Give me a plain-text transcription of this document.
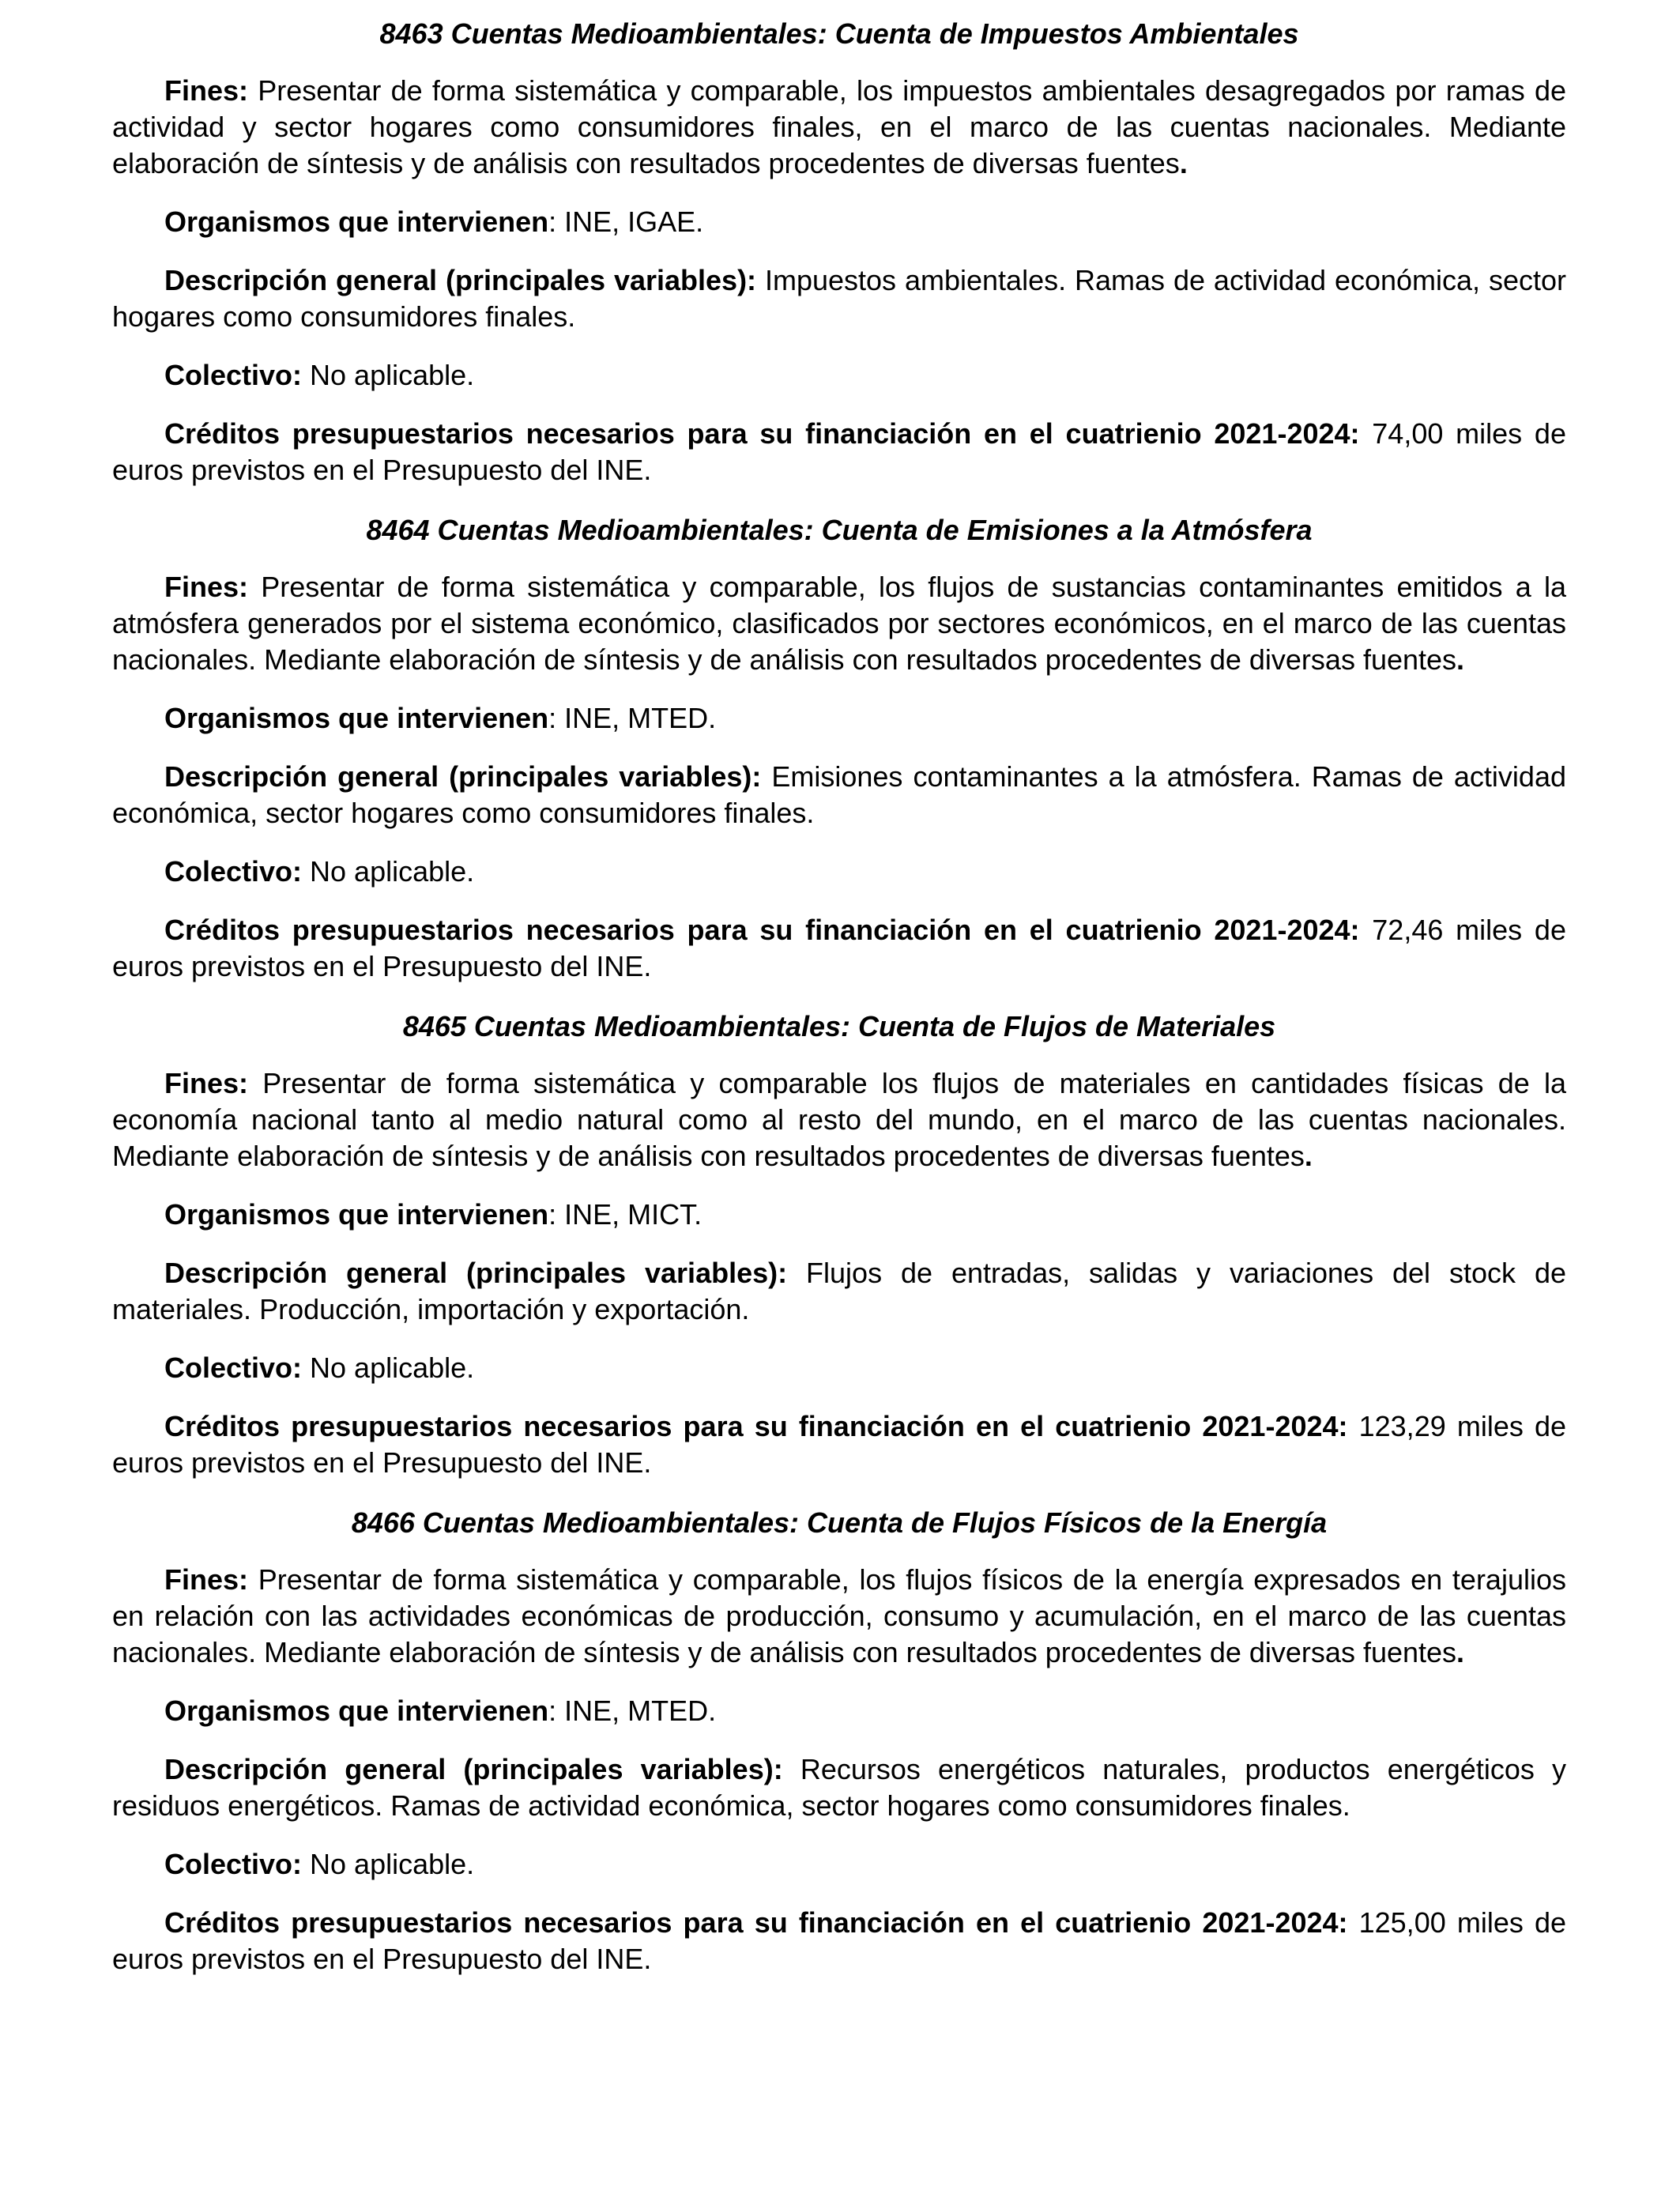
8463 Cuentas Medioambientales: Cuenta de Impuestos Ambientales

Fines: Presentar de forma sistemática y comparable, los impuestos ambientales desagregados por ramas de actividad y sector hogares como consumidores finales, en el marco de las cuentas nacionales. Mediante elaboración de síntesis y de análisis con resultados procedentes de diversas fuentes.

Organismos que intervienen: INE, IGAE.

Descripción general (principales variables): Impuestos ambientales. Ramas de actividad económica, sector hogares como consumidores finales.

Colectivo: No aplicable.

Créditos presupuestarios necesarios para su financiación en el cuatrienio 2021-2024: 74,00 miles de euros previstos en el Presupuesto del INE.

8464 Cuentas Medioambientales: Cuenta de Emisiones a la Atmósfera

Fines: Presentar de forma sistemática y comparable, los flujos de sustancias contaminantes emitidos a la atmósfera generados por el sistema económico, clasificados por sectores económicos, en el marco de las cuentas nacionales. Mediante elaboración de síntesis y de análisis con resultados procedentes de diversas fuentes.

Organismos que intervienen: INE, MTED.

Descripción general (principales variables): Emisiones contaminantes a la atmósfera. Ramas de actividad económica, sector hogares como consumidores finales.

Colectivo: No aplicable.

Créditos presupuestarios necesarios para su financiación en el cuatrienio 2021-2024: 72,46 miles de euros previstos en el Presupuesto del INE.

8465 Cuentas Medioambientales: Cuenta de Flujos de Materiales

Fines: Presentar de forma sistemática y comparable los flujos de materiales en cantidades físicas de la economía nacional tanto al medio natural como al resto del mundo, en el marco de las cuentas nacionales. Mediante elaboración de síntesis y de análisis con resultados procedentes de diversas fuentes.

Organismos que intervienen: INE, MICT.

Descripción general (principales variables): Flujos de entradas, salidas y variaciones del stock de materiales. Producción, importación y exportación.

Colectivo: No aplicable.

Créditos presupuestarios necesarios para su financiación en el cuatrienio 2021-2024: 123,29 miles de euros previstos en el Presupuesto del INE.

8466 Cuentas Medioambientales: Cuenta de Flujos Físicos de la Energía

Fines: Presentar de forma sistemática y comparable, los flujos físicos de la energía expresados en terajulios en relación con las actividades económicas de producción, consumo y acumulación, en el marco de las cuentas nacionales. Mediante elaboración de síntesis y de análisis con resultados procedentes de diversas fuentes.

Organismos que intervienen: INE, MTED.

Descripción general (principales variables): Recursos energéticos naturales, productos energéticos y residuos energéticos. Ramas de actividad económica, sector hogares como consumidores finales.

Colectivo: No aplicable.

Créditos presupuestarios necesarios para su financiación en el cuatrienio 2021-2024: 125,00 miles de euros previstos en el Presupuesto del INE.
